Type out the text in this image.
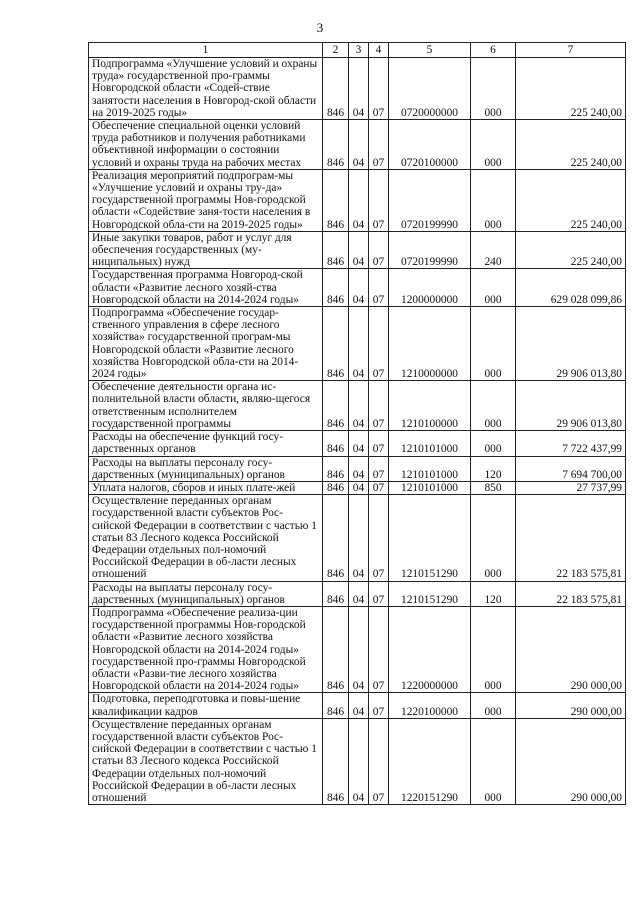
3
1	2	3	4	5	6	7
Подпрограмма «Улучшение условий и охраны труда» государственной про-граммы Новгородской области «Содей-ствие занятости населения в Новгород-ской области на 2019-2025 годы»	846	04	07	0720000000	000	225 240,00
Обеспечение специальной оценки условий труда работников и получения работниками объективной информации о состоянии условий и охраны труда на рабочих местах	846	04	07	0720100000	000	225 240,00
Реализация мероприятий подпрограм-мы «Улучшение условий и охраны тру-да» государственной программы Нов-городской области «Содействие заня-тости населения в Новгородской обла-сти на 2019-2025 годы»	846	04	07	0720199990	000	225 240,00
Иные закупки товаров, работ и услуг для обеспечения государственных (му-ниципальных) нужд	846	04	07	0720199990	240	225 240,00
Государственная программа Новгород-ской области «Развитие лесного хозяй-ства Новгородской области на 2014-2024 годы»	846	04	07	1200000000	000	629 028 099,86
Подпрограмма «Обеспечение государ-ственного управления в сфере лесного хозяйства» государственной програм-мы Новгородской области «Развитие лесного хозяйства Новгородской обла-сти на 2014-2024 годы»	846	04	07	1210000000	000	29 906 013,80
Обеспечение деятельности органа ис-полнительной власти области, являю-щегося ответственным исполнителем государственной программы	846	04	07	1210100000	000	29 906 013,80
Расходы на обеспечение функций госу-дарственных органов	846	04	07	1210101000	000	7 722 437,99
Расходы на выплаты персоналу госу-дарственных (муниципальных) органов	846	04	07	1210101000	120	7 694 700,00
Уплата налогов, сборов и иных плате-жей	846	04	07	1210101000	850	27 737,99
Осуществление переданных органам государственной власти субъектов Рос-сийской Федерации в соответствии с частью 1 статьи 83 Лесного кодекса Российской Федерации отдельных пол-номочий Российской Федерации в об-ласти лесных отношений	846	04	07	1210151290	000	22 183 575,81
Расходы на выплаты персоналу госу-дарственных (муниципальных) органов	846	04	07	1210151290	120	22 183 575,81
Подпрограмма «Обеспечение реализа-ции государственной программы Нов-городской области «Развитие лесного хозяйства Новгородской области на 2014-2024 годы» государственной про-граммы Новгородской области «Разви-тие лесного хозяйства Новгородской области на 2014-2024 годы»	846	04	07	1220000000	000	290 000,00
Подготовка, переподготовка и повы-шение квалификации кадров	846	04	07	1220100000	000	290 000,00
Осуществление переданных органам государственной власти субъектов Рос-сийской Федерации в соответствии с частью 1 статьи 83 Лесного кодекса Российской Федерации отдельных пол-номочий Российской Федерации в об-ласти лесных отношений	846	04	07	1220151290	000	290 000,00
